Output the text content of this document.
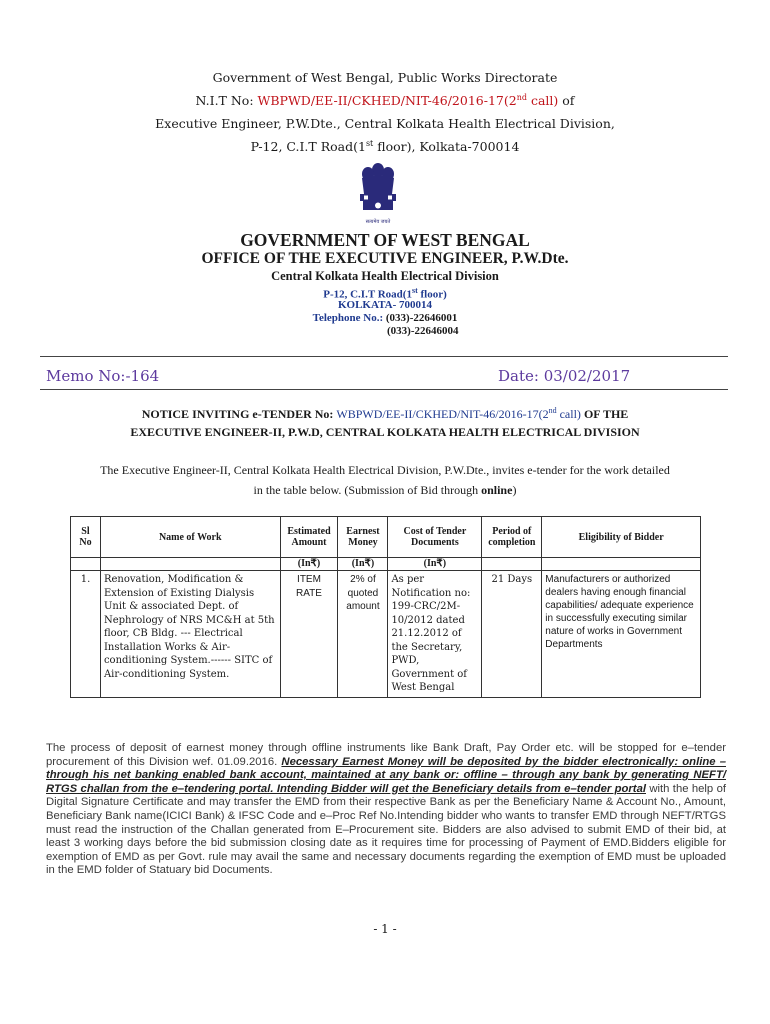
Government of West Bengal, Public Works Directorate
N.I.T No: WBPWD/EE-II/CKHED/NIT-46/2016-17(2nd call) of
Executive Engineer, P.W.Dte., Central Kolkata Health Electrical Division,
P-12, C.I.T Road(1st floor), Kolkata-700014
सत्यमेव जयते
GOVERNMENT OF WEST BENGAL
OFFICE OF THE EXECUTIVE ENGINEER, P.W.Dte.
Central Kolkata Health Electrical Division
P-12, C.I.T Road(1st floor)
KOLKATA- 700014
Telephone No.: (033)-22646001
(033)-22646004
Memo No:-164	Date: 03/02/2017
NOTICE INVITING e-TENDER No: WBPWD/EE-II/CKHED/NIT-46/2016-17(2nd call) OF THE
EXECUTIVE ENGINEER-II, P.W.D, CENTRAL KOLKATA HEALTH ELECTRICAL DIVISION
The Executive Engineer-II, Central Kolkata Health Electrical Division, P.W.Dte., invites e-tender for the work detailed
in the table below. (Submission of Bid through online)
Sl No	Name of Work	Estimated Amount	Earnest Money	Cost of Tender Documents	Period of completion	Eligibility of Bidder
		(In₹)	(In₹)	(In₹)		
1.	Renovation, Modification & Extension of Existing Dialysis Unit & associated Dept. of Nephrology of NRS MC&H at 5th floor, CB Bldg. --- Electrical Installation Works & Air-conditioning System.------ SITC of Air-conditioning System.	ITEM RATE	2% of quoted amount	As per Notification no: 199-CRC/2M-10/2012 dated 21.12.2012 of the Secretary, PWD, Government of West Bengal	21 Days	Manufacturers or authorized dealers having enough financial capabilities/ adequate experience in successfully executing similar nature of works in Government Departments
The process of deposit of earnest money through offline instruments like Bank Draft, Pay Order etc. will be stopped for e–tender procurement of this Division wef. 01.09.2016. Necessary Earnest Money will be deposited by the bidder electronically: online – through his net banking enabled bank account, maintained at any bank or: offline – through any bank by generating NEFT/ RTGS challan from the e–tendering portal. Intending Bidder will get the Beneficiary details from e–tender portal with the help of Digital Signature Certificate and may transfer the EMD from their respective Bank as per the Beneficiary Name & Account No., Amount, Beneficiary Bank name(ICICI Bank) & IFSC Code and e–Proc Ref No.Intending bidder who wants to transfer EMD through NEFT/RTGS must read the instruction of the Challan generated from E–Procurement site. Bidders are also advised to submit EMD of their bid, at least 3 working days before the bid submission closing date as it requires time for processing of Payment of EMD.Bidders eligible for exemption of EMD as per Govt. rule may avail the same and necessary documents regarding the exemption of EMD must be uploaded in the EMD folder of Statuary bid Documents.
- 1 -
